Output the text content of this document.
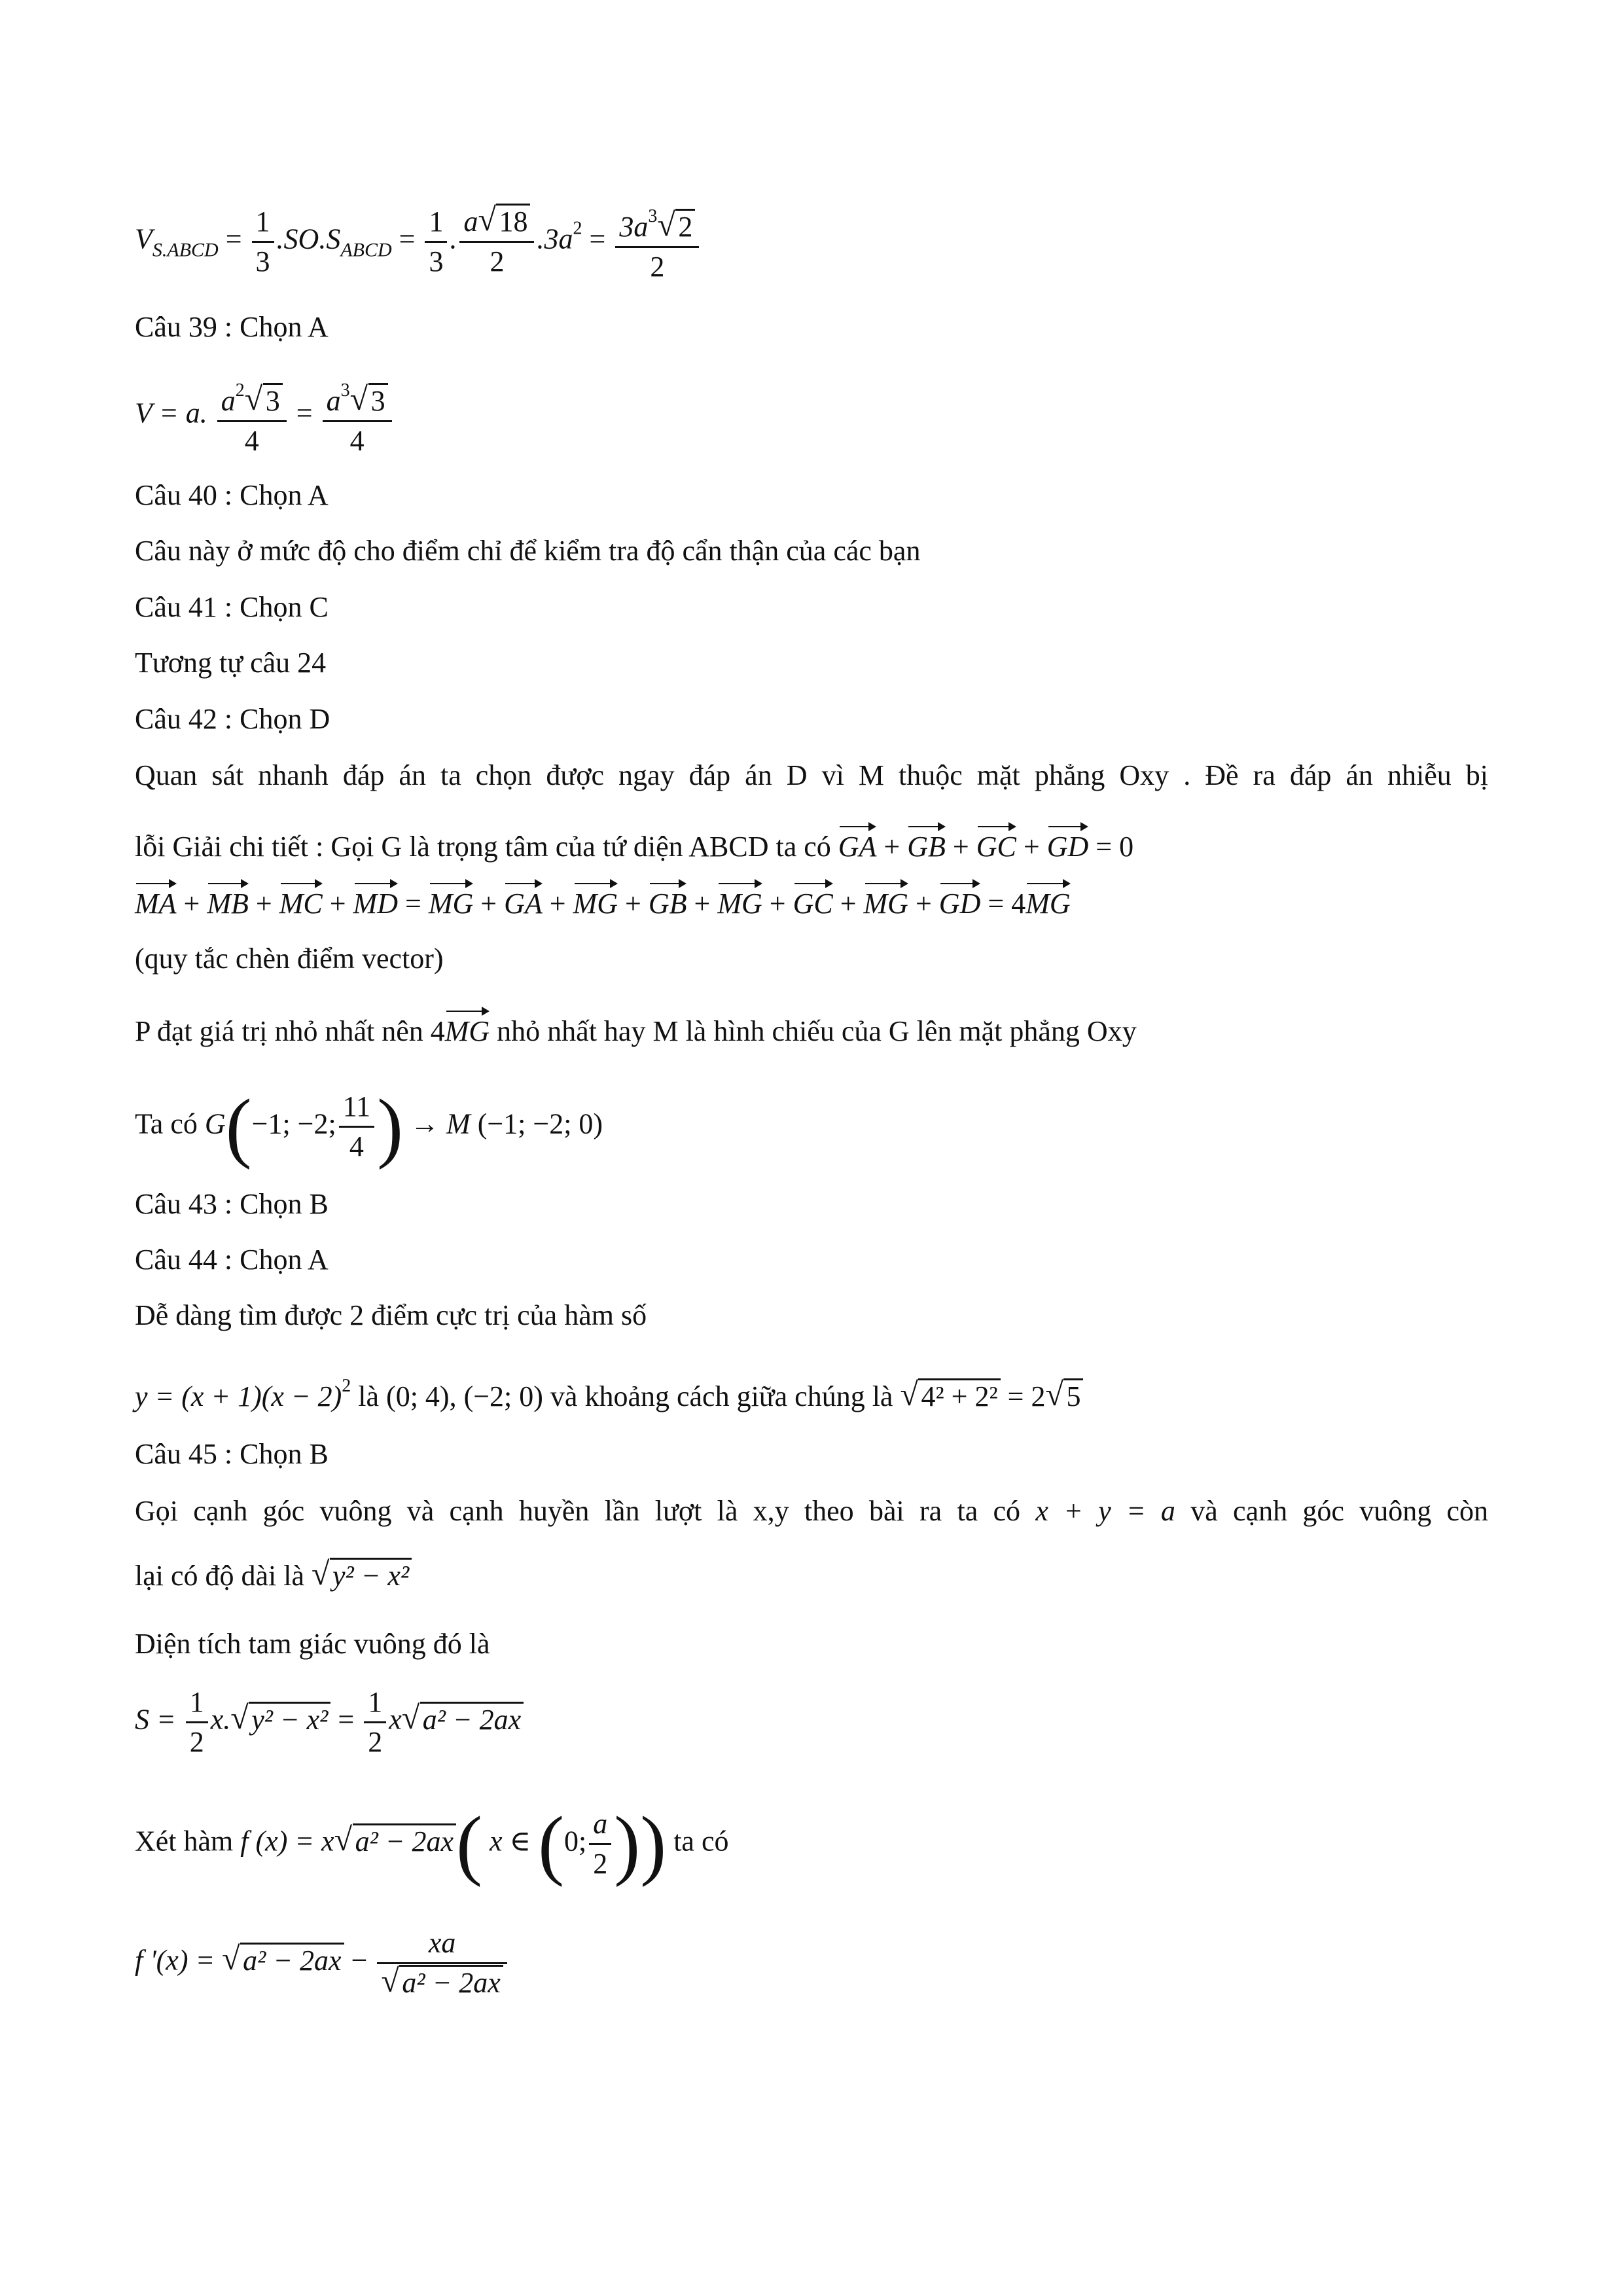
$V_{S.ABCD} = \frac{1}{3} .SO.S_{ABCD} = \frac{1}{3}$ . $\frac{a√ 18}{2} .3a^2 = \frac{3a^3√ 2}{2}$
Câu 39 : Chọn A
V = a. $\frac{a^2√ 3}{4} = \frac{a^3√ 3}{4}$
Câu 40 : Chọn A
Câu này ở mức độ cho điểm chỉ để kiểm tra độ cẩn thận của các bạn
Câu 41 : Chọn C
Tương tự câu 24
Câu 42 : Chọn D
Quan sát nhanh đáp án ta chọn được ngay đáp án D vì M thuộc mặt phẳng Oxy . Đề ra đáp án nhiễu bị
lỗi Giải chi tiết : Gọi G là trọng tâm của tứ diện ABCD ta có GA + GB + GC + GD = 0
MA + MB + MC + MD = MG + GA + MG + GB + MG + GC + MG + GD = 4MG
(quy tắc chèn điểm vector)
P đạt giá trị nhỏ nhất nên 4MG nhỏ nhất hay M là hình chiếu của G lên mặt phẳng Oxy
Ta có G(−1; −2; $\frac{11}{4}$ ) → M (−1; −2; 0)
Câu 43 : Chọn B
Câu 44 : Chọn A
Dễ dàng tìm được 2 điểm cực trị của hàm số
$y = (x + 1)(x - 2)^2$ là (0; 4), (−2; 0) và khoảng cách giữa chúng là √ 4² + 2² = 2√ 5
Câu 45 : Chọn B
Gọi cạnh góc vuông và cạnh huyền lần lượt là x,y theo bài ra ta có x + y = a và cạnh góc vuông còn
lại có độ dài là √ y² − x²
Diện tích tam giác vuông đó là
$S = \frac{1}{2} x.√$ $y^2 - x^2 = \frac{1}{2} x√$ a² − 2ax
Xét hàm f (x) = x√ a² − 2ax( x ∈ (0; $\frac{a}{2}$ )) ta có
f '(x) = √ a² − 2ax − xa
√ a² − 2ax
